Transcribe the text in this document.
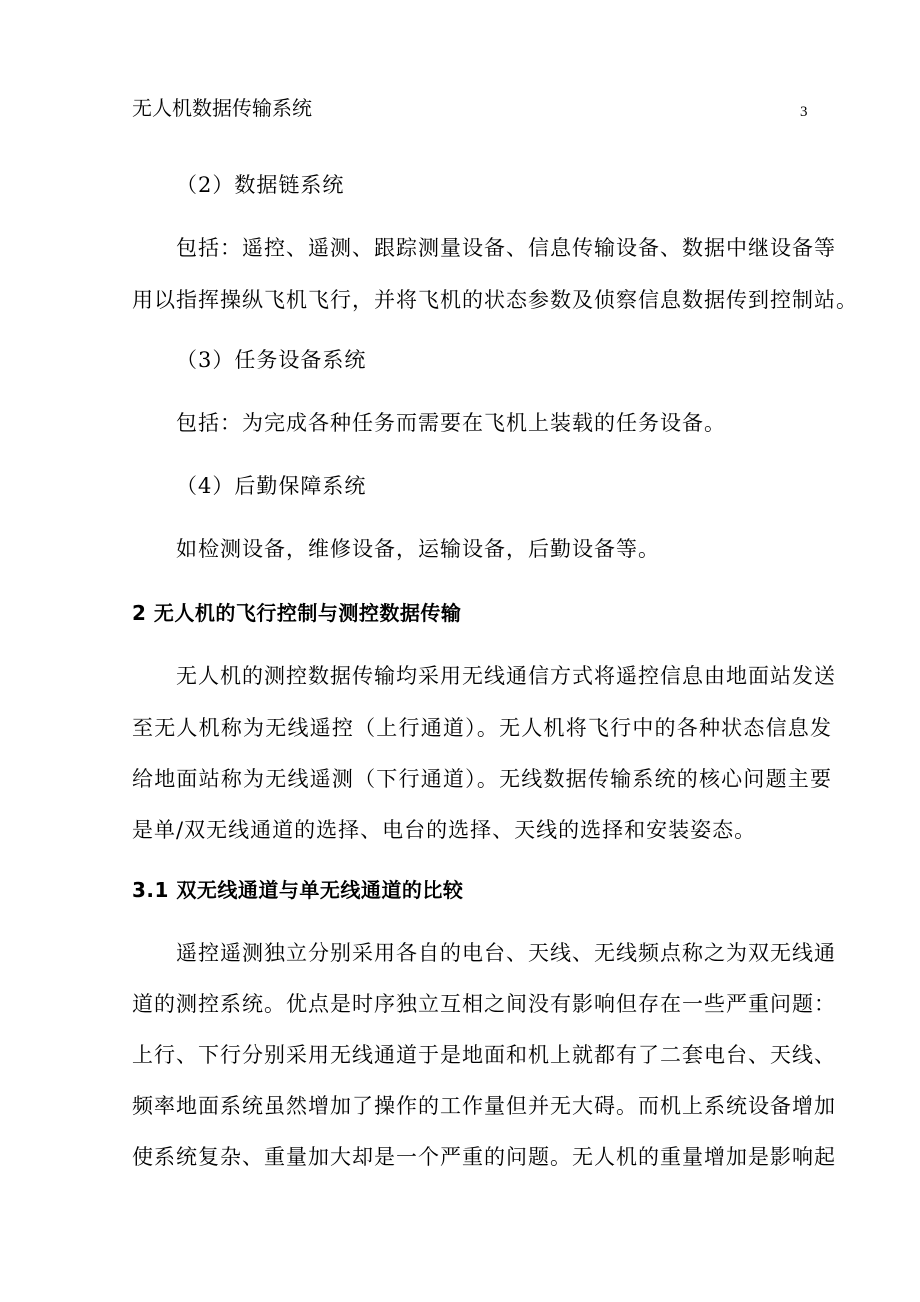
无人机数据传输系统	3
（2）数据链系统
包括：遥控、遥测、跟踪测量设备、信息传输设备、数据中继设备等
用以指挥操纵飞机飞行，并将飞机的状态参数及侦察信息数据传到控制站。
（3）任务设备系统
包括：为完成各种任务而需要在飞机上装载的任务设备。
（4）后勤保障系统
如检测设备，维修设备，运输设备，后勤设备等。
2 无人机的飞行控制与测控数据传输
无人机的测控数据传输均采用无线通信方式将遥控信息由地面站发送
至无人机称为无线遥控（上行通道）。无人机将飞行中的各种状态信息发
给地面站称为无线遥测（下行通道）。无线数据传输系统的核心问题主要
是单/双无线通道的选择、电台的选择、天线的选择和安装姿态。
3.1 双无线通道与单无线通道的比较
遥控遥测独立分别采用各自的电台、天线、无线频点称之为双无线通
道的测控系统。优点是时序独立互相之间没有影响但存在一些严重问题：
上行、下行分别采用无线通道于是地面和机上就都有了二套电台、天线、
频率地面系统虽然增加了操作的工作量但并无大碍。而机上系统设备增加
使系统复杂、重量加大却是一个严重的问题。无人机的重量增加是影响起
